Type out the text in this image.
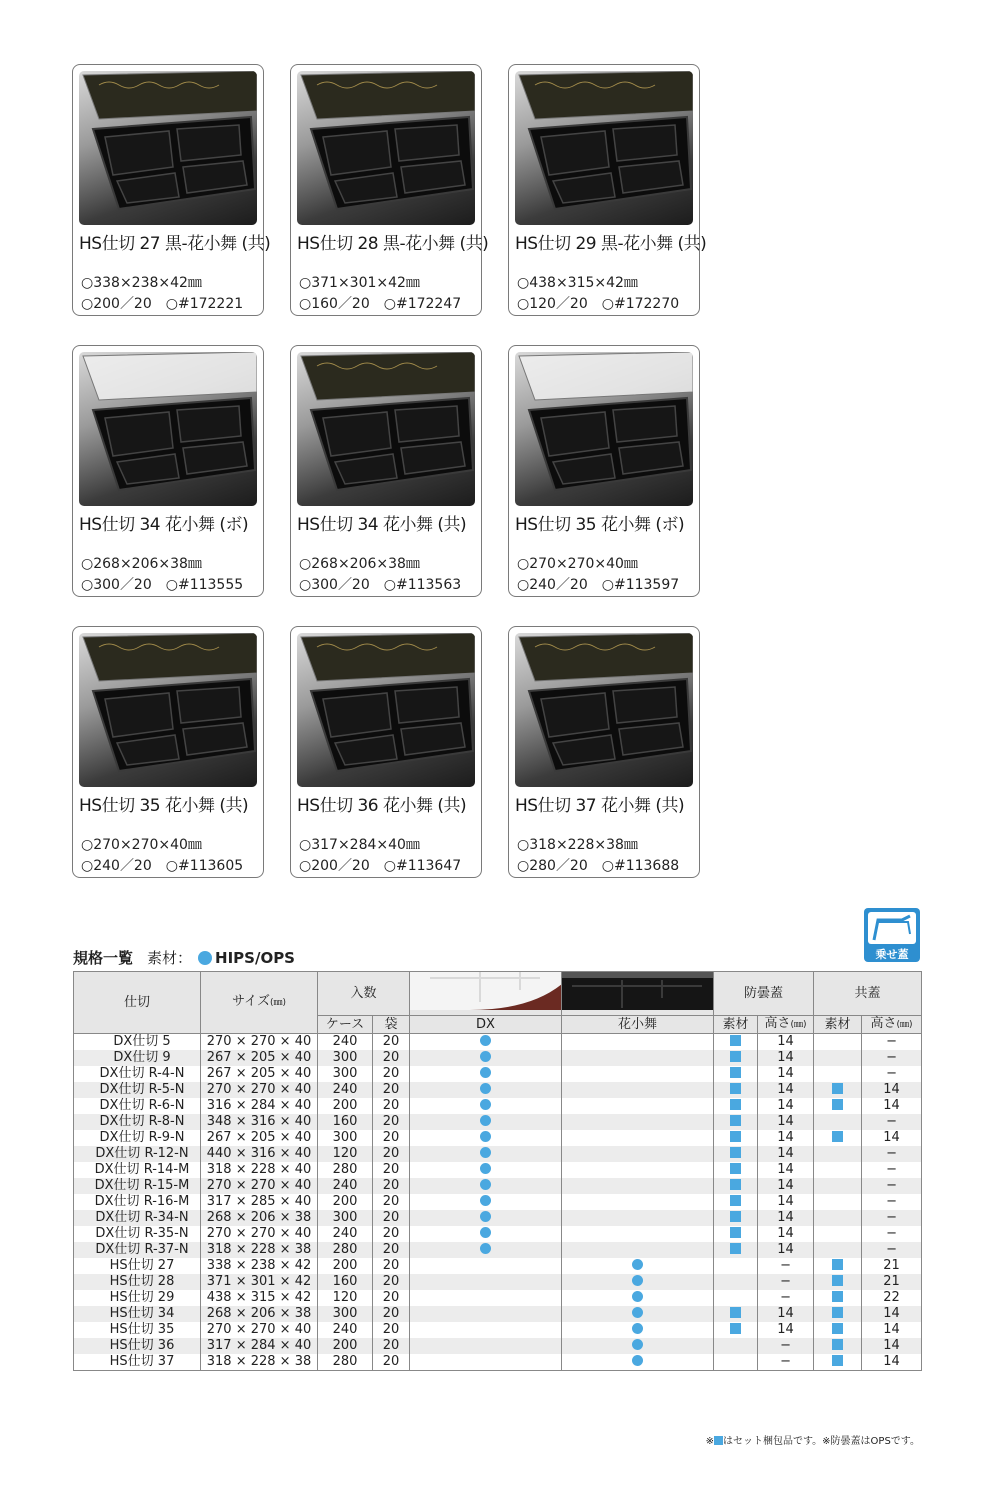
HS仕切 27 黒-花小舞 (共)
○338×238×42㎜
○200／20 ○#172221
HS仕切 28 黒-花小舞 (共)
○371×301×42㎜
○160／20 ○#172247
HS仕切 29 黒-花小舞 (共)
○438×315×42㎜
○120／20 ○#172270
HS仕切 34 花小舞 (ボ)
○268×206×38㎜
○300／20 ○#113555
HS仕切 34 花小舞 (共)
○268×206×38㎜
○300／20 ○#113563
HS仕切 35 花小舞 (ボ)
○270×270×40㎜
○240／20 ○#113597
HS仕切 35 花小舞 (共)
○270×270×40㎜
○240／20 ○#113605
HS仕切 36 花小舞 (共)
○317×284×40㎜
○200／20 ○#113647
HS仕切 37 花小舞 (共)
○318×228×38㎜
○280／20 ○#113688
規格一覧 素材： HIPS/OPS	乗せ蓋
仕切	サイズ(㎜)	入数				防曇蓋		共蓋	
		ケース	袋	DX	花小舞	素材	高さ(㎜)	素材	高さ(㎜)
DX仕切 5	270 × 270 × 40	240	20				14		−
DX仕切 9	267 × 205 × 40	300	20				14		−
DX仕切 R-4-N	267 × 205 × 40	300	20				14		−
DX仕切 R-5-N	270 × 270 × 40	240	20				14		14
DX仕切 R-6-N	316 × 284 × 40	200	20				14		14
DX仕切 R-8-N	348 × 316 × 40	160	20				14		−
DX仕切 R-9-N	267 × 205 × 40	300	20				14		14
DX仕切 R-12-N	440 × 316 × 40	120	20				14		−
DX仕切 R-14-M	318 × 228 × 40	280	20				14		−
DX仕切 R-15-M	270 × 270 × 40	240	20				14		−
DX仕切 R-16-M	317 × 285 × 40	200	20				14		−
DX仕切 R-34-N	268 × 206 × 38	300	20				14		−
DX仕切 R-35-N	270 × 270 × 40	240	20				14		−
DX仕切 R-37-N	318 × 228 × 38	280	20				14		−
HS仕切 27	338 × 238 × 42	200	20				−		21
HS仕切 28	371 × 301 × 42	160	20				−		21
HS仕切 29	438 × 315 × 42	120	20				−		22
HS仕切 34	268 × 206 × 38	300	20				14		14
HS仕切 35	270 × 270 × 40	240	20				14		14
HS仕切 36	317 × 284 × 40	200	20				−		14
HS仕切 37	318 × 228 × 38	280	20				−		14
※ はセット梱包品です。※防曇蓋はOPSです。
